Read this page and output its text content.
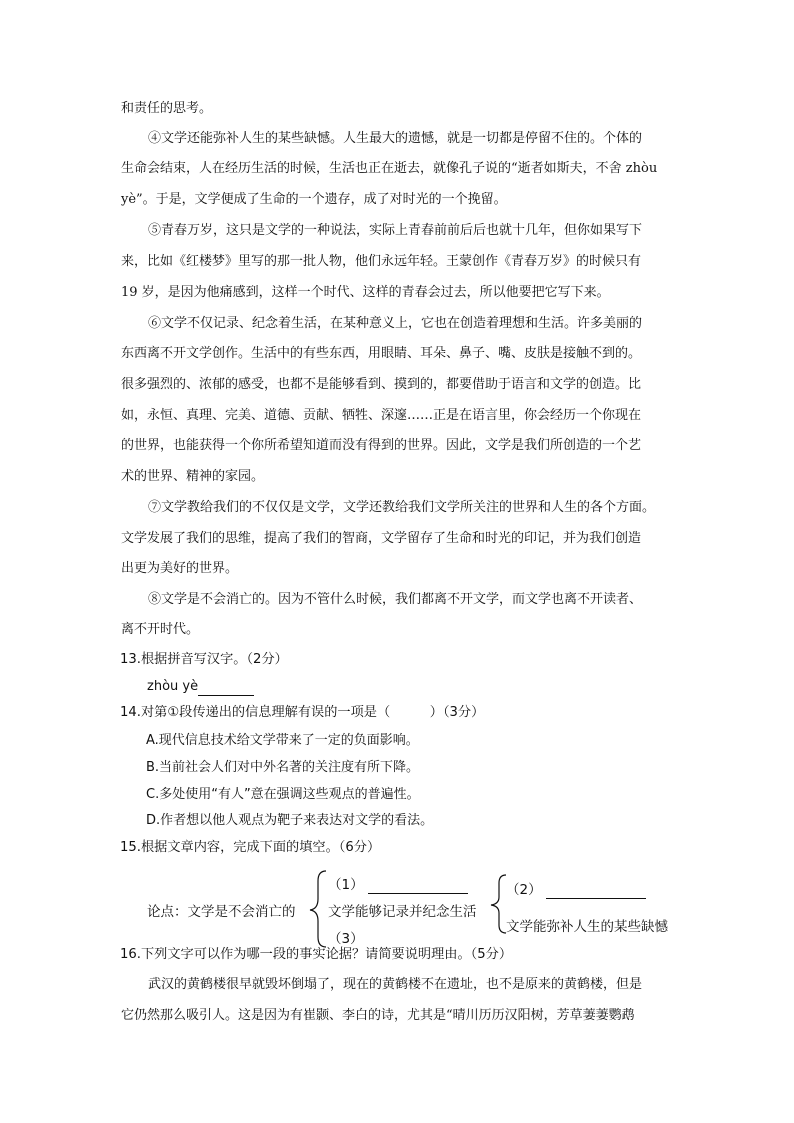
和责任的思考。
④文学还能弥补人生的某些缺憾。人生最大的遗憾，就是一切都是停留不住的。个体的
生命会结束，人在经历生活的时候，生活也正在逝去，就像孔子说的“逝者如斯夫，不舍 zhòu
yè”。于是，文学便成了生命的一个遗存，成了对时光的一个挽留。
⑤青春万岁，这只是文学的一种说法，实际上青春前前后后也就十几年，但你如果写下
来，比如《红楼梦》里写的那一批人物，他们永远年轻。王蒙创作《青春万岁》的时候只有
19 岁，是因为他痛感到，这样一个时代、这样的青春会过去，所以他要把它写下来。
⑥文学不仅记录、纪念着生活，在某种意义上，它也在创造着理想和生活。许多美丽的
东西离不开文学创作。生活中的有些东西，用眼睛、耳朵、鼻子、嘴、皮肤是接触不到的。
很多强烈的、浓郁的感受，也都不是能够看到、摸到的，都要借助于语言和文学的创造。比
如，永恒、真理、完美、道德、贡献、牺牲、深邃……正是在语言里，你会经历一个你现在
的世界，也能获得一个你所希望知道而没有得到的世界。因此，文学是我们所创造的一个艺
术的世界、精神的家园。
⑦文学教给我们的不仅仅是文学，文学还教给我们文学所关注的世界和人生的各个方面。
文学发展了我们的思维，提高了我们的智商，文学留存了生命和时光的印记，并为我们创造
出更为美好的世界。
⑧文学是不会消亡的。因为不管什么时候，我们都离不开文学，而文学也离不开读者、
离不开时代。
13.根据拼音写汉字。（2分）
zhòu yè
14.对第①段传递出的信息理解有误的一项是（　　　）（3分）
A.现代信息技术给文学带来了一定的负面影响。
B.当前社会人们对中外名著的关注度有所下降。
C.多处使用“有人”意在强调这些观点的普遍性。
D.作者想以他人观点为靶子来表达对文学的看法。
15.根据文章内容，完成下面的填空。（6分）
论点：文学是不会消亡的
（1）
文学能够记录并纪念生活
（3）
（2）
文学能弥补人生的某些缺憾
16.下列文字可以作为哪一段的事实论据？请简要说明理由。（5分）
武汉的黄鹤楼很早就毁坏倒塌了，现在的黄鹤楼不在遗址，也不是原来的黄鹤楼，但是
它仍然那么吸引人。这是因为有崔颢、李白的诗，尤其是“晴川历历汉阳树，芳草萋萋鹦鹉
